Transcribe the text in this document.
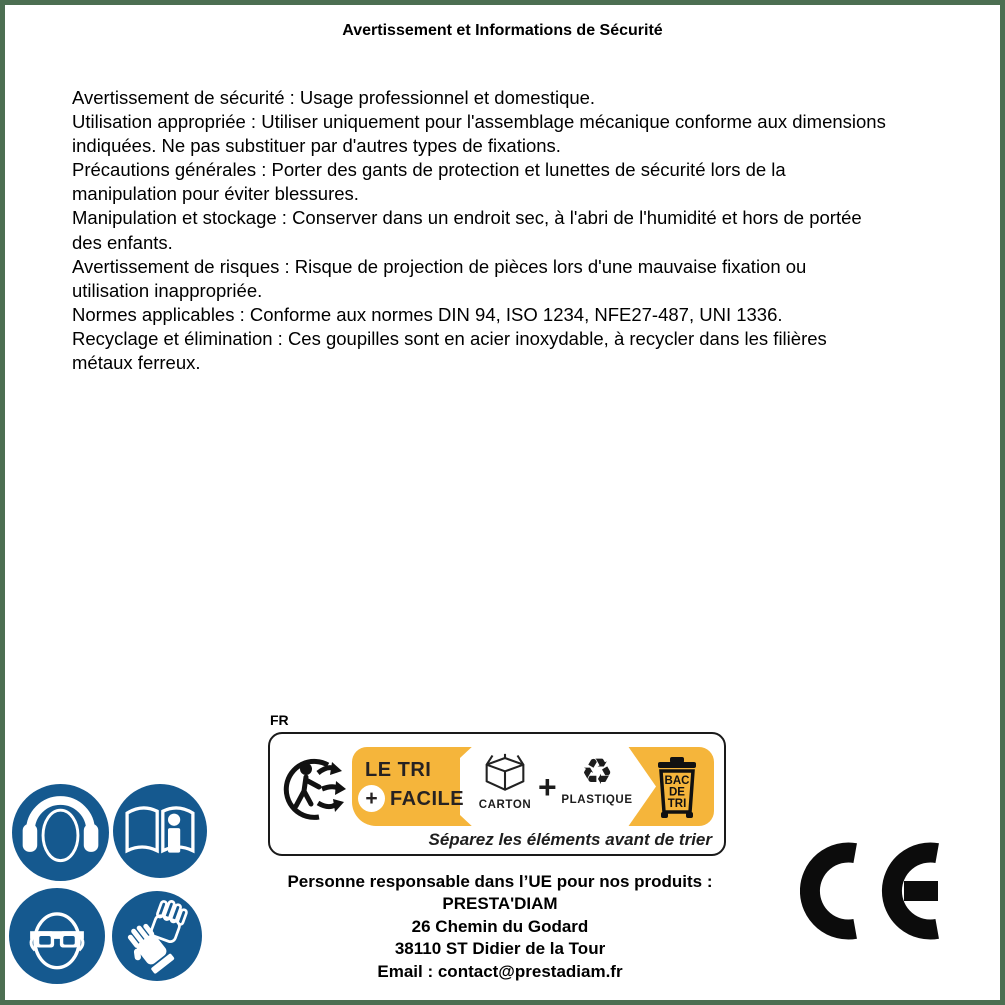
Avertissement et Informations de Sécurité
Avertissement de sécurité : Usage professionnel et domestique.
Utilisation appropriée : Utiliser uniquement pour l'assemblage mécanique conforme aux dimensions
indiquées. Ne pas substituer par d'autres types de fixations.
Précautions générales : Porter des gants de protection et lunettes de sécurité lors de la
manipulation pour éviter blessures.
Manipulation et stockage : Conserver dans un endroit sec, à l'abri de l'humidité et hors de portée
des enfants.
Avertissement de risques : Risque de projection de pièces lors d'une mauvaise fixation ou
utilisation inappropriée.
Normes applicables : Conforme aux normes DIN 94, ISO 1234, NFE27-487, UNI 1336.
Recyclage et élimination : Ces goupilles sont en acier inoxydable, à recycler dans les filières
métaux ferreux.
FR
LE TRI
+ FACILE	CARTON + ♻
PLASTIQUE
BAC
DE
TRI
Séparez les éléments avant de trier
Personne responsable dans l’UE pour nos produits :
PRESTA'DIAM
26 Chemin du Godard
38110 ST Didier de la Tour
Email : contact@prestadiam.fr
